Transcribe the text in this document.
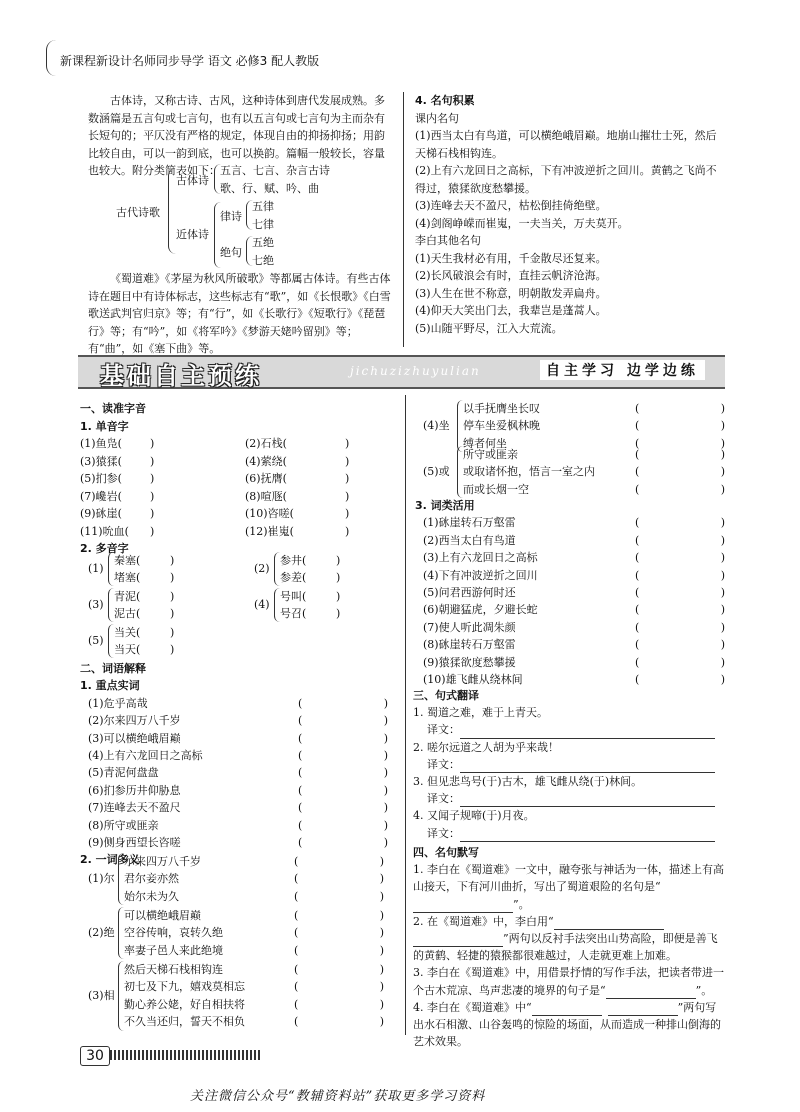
新课程新设计名师同步导学 语文 必修3 配人教版

古体诗，又称古诗、古风，这种诗体到唐代发展成熟。多数涵篇是五言句或七言句，也有以五言句或七言句为主而杂有长短句的；平仄没有严格的规定，体现自由的抑扬抑扬；用韵比较自由，可以一韵到底，也可以换韵。篇幅一般较长，容量也较大。附分类简表如下：

古代诗歌
古体诗
五言、七言、杂言古诗
歌、行、赋、吟、曲
近体诗
律诗
五律
七律
绝句
五绝
七绝

《蜀道难》《茅屋为秋风所破歌》等都属古体诗。有些古体诗在题目中有诗体标志，这些标志有“歌”，如《长恨歌》《白雪歌送武判官归京》等；有“行”，如《长歌行》《短歌行》《琵琶行》等；有“吟”，如《将军吟》《梦游天姥吟留别》等；有“曲”，如《塞下曲》等。

4. 名句积累

课内名句

(1)西当太白有鸟道，可以横绝峨眉巅。地崩山摧壮士死，然后天梯石栈相钩连。

(2)上有六龙回日之高标，下有冲波逆折之回川。黄鹤之飞尚不得过，猿猱欲度愁攀援。

(3)连峰去天不盈尺，枯松倒挂倚绝壁。

(4)剑阁峥嵘而崔嵬，一夫当关，万夫莫开。

李白其他名句

(1)天生我材必有用，千金散尽还复来。

(2)长风破浪会有时，直挂云帆济沧海。

(3)人生在世不称意，明朝散发弄扁舟。

(4)仰天大笑出门去，我辈岂是蓬蒿人。

(5)山随平野尽，江入大荒流。

基础自主预练	jichuzizhuyulian	自主学习 边学边练

一、读准字音

1. 单音字

(1)鱼凫(	)	(2)石栈(	)
(3)猿猱(	)	(4)萦绕(	)
(5)扪参(	)	(6)抚膺(	)
(7)巉岩(	)	(8)喧豗(	)
(9)砯崖(	)	(10)咨嗟(	)
(11)吮血( )	(12)崔嵬(	)
2. 多音字
(1)
秦塞(	)
堵塞(	)
(2)
参井(	)
参差(	)
(3)
青泥(	)
泥古(	)
(4)
号叫(	)
号召(	)
(5)
当关(	)
当天(	)
二、词语解释
1. 重点实词
(1)危乎高哉	(	)
(2)尔来四万八千岁	(	)
(3)可以横绝峨眉巅	(	)
(4)上有六龙回日之高标	(	)
(5)青泥何盘盘	(	)
(6)扪参历井仰胁息	(	)
(7)连峰去天不盈尺	(	)
(8)所守或匪亲	(	)
(9)侧身西望长咨嗟	(	)
2. 一词多义
(1)尔
尔来四万八千岁	(	)
君尔妾亦然	(	)
始尔未为久	(	)
(2)绝
可以横绝峨眉巅	(	)
空谷传响，哀转久绝	(	)
率妻子邑人来此绝境	(	)
(3)相
然后天梯石栈相钩连	(	)
初七及下九，嬉戏莫相忘	(	)
勤心养公姥，好自相扶将	(	)
不久当还归，誓天不相负	(	)
(4)坐
以手抚膺坐长叹	(	)
停车坐爱枫林晚	(	)
缚者何坐	(	)
(5)或
所守或匪亲	(	)
或取诸怀抱，悟言一室之内	(	)
而或长烟一空	(	)
3. 词类活用
(1)砯崖转石万壑雷	(	)
(2)西当太白有鸟道	(	)
(3)上有六龙回日之高标	(	)
(4)下有冲波逆折之回川	(	)
(5)问君西游何时还	(	)
(6)朝避猛虎，夕避长蛇	(	)
(7)使人听此凋朱颜	(	)
(8)砯崖转石万壑雷	(	)
(9)猿猱欲度愁攀援	(	)
(10)雄飞雌从绕林间	(	)
三、句式翻译
1. 蜀道之难，难于上青天。
译文：
2. 嗟尔远道之人胡为乎来哉！
译文：
3. 但见悲鸟号(于)古木，雄飞雌从绕(于)林间。
译文：
4. 又闻子规啼(于)月夜。
译文：
四、名句默写
1. 李白在《蜀道难》一文中，融夸张与神话为一体，描述上有高山接天，下有河川曲折，写出了蜀道艰险的名句是“”。
2. 在《蜀道难》中，李白用“
”两句以反衬手法突出山势高险，即便是善飞的黄鹤、轻捷的猿猴都很难越过，人走就更难上加难。
3. 李白在《蜀道难》中，用借景抒情的写作手法，把读者带进一个古木荒凉、鸟声悲凄的境界的句子是“	”。
4. 李白在《蜀道难》中“	”两句写出水石相激、山谷轰鸣的惊险的场面，从而造成一种排山倒海的艺术效果。
30
关注微信公众号“教辅资料站”获取更多学习资料
